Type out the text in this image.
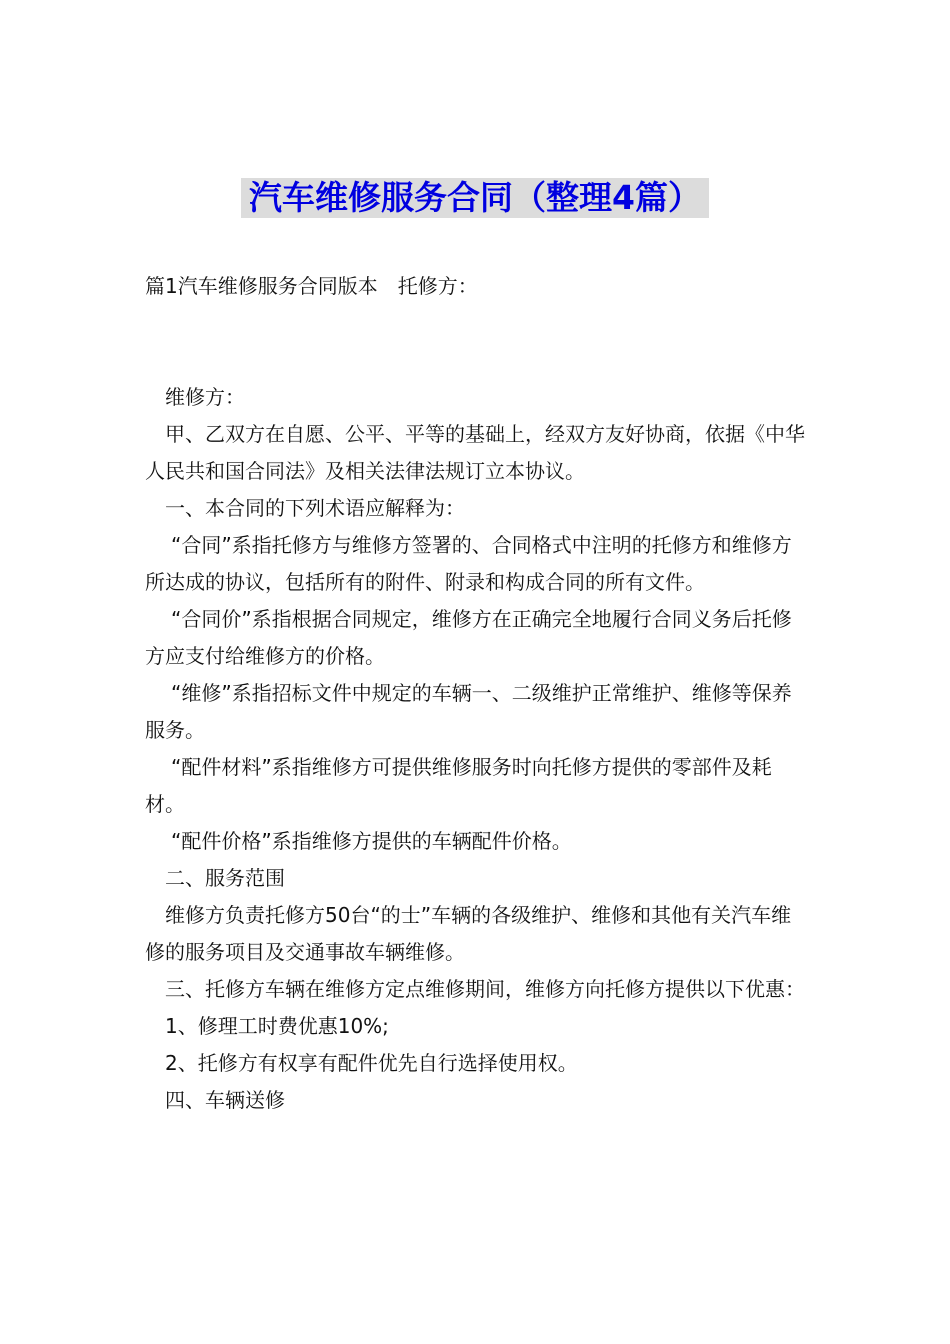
汽车维修服务合同（整理4篇）
篇1汽车维修服务合同版本　托修方：

维修方：

甲、乙双方在自愿、公平、平等的基础上，经双方友好协商，依据《中华人民共和国合同法》及相关法律法规订立本协议。

一、本合同的下列术语应解释为：

“合同”系指托修方与维修方签署的、合同格式中注明的托修方和维修方所达成的协议，包括所有的附件、附录和构成合同的所有文件。

“合同价”系指根据合同规定，维修方在正确完全地履行合同义务后托修方应支付给维修方的价格。

“维修”系指招标文件中规定的车辆一、二级维护正常维护、维修等保养服务。

“配件材料”系指维修方可提供维修服务时向托修方提供的零部件及耗材。

“配件价格”系指维修方提供的车辆配件价格。

二、服务范围

维修方负责托修方50台“的士”车辆的各级维护、维修和其他有关汽车维修的服务项目及交通事故车辆维修。

三、托修方车辆在维修方定点维修期间，维修方向托修方提供以下优惠：

1、修理工时费优惠10%;

2、托修方有权享有配件优先自行选择使用权。

四、车辆送修
